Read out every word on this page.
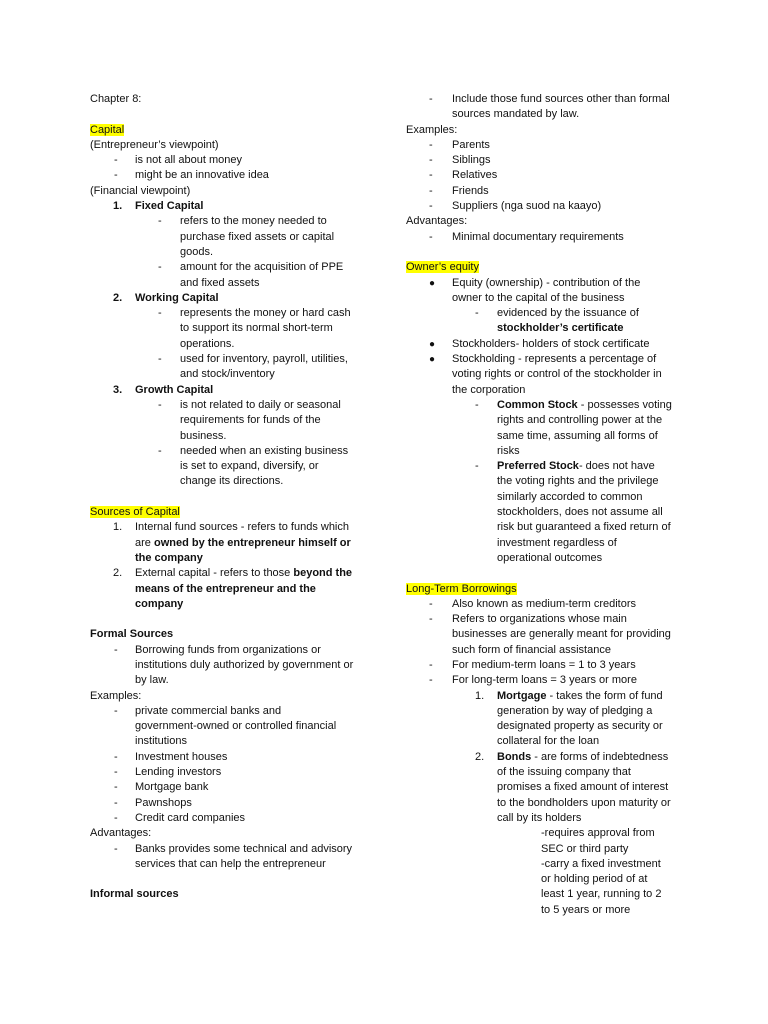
Chapter 8:
Capital
(Entrepreneur’s viewpoint)
is not all about money
-
might be an innovative idea
-
(Financial viewpoint)
1. Fixed Capital
refers to the money needed to
-
purchase fixed assets or capital
goods.
amount for the acquisition of PPE
-
and fixed assets
2. Working Capital
represents the money or hard cash
-
to support its normal short-term
operations.
used for inventory, payroll, utilities,
-
and stock/inventory
3. Growth Capital
is not related to daily or seasonal
-
requirements for funds of the
business.
needed when an existing business
-
is set to expand, diversify, or
change its directions.
Sources of Capital
1. Internal fund sources - refers to funds which
are owned by the entrepreneur himself or
the company
2. External capital - refers to those beyond the
means of the entrepreneur and the
company
Formal Sources
Borrowing funds from organizations or
-
institutions duly authorized by government or
by law.
Examples:
private commercial banks and
-
government-owned or controlled financial
institutions
Investment houses
-
Lending investors
-
Mortgage bank
-
Pawnshops
-
Credit card companies
-
Advantages:
Banks provides some technical and advisory
-
services that can help the entrepreneur
Informal sources
Include those fund sources other than formal
-
sources mandated by law.
Examples:
Parents
-
Siblings
-
Relatives
-
Friends
-
Suppliers (nga suod na kaayo)
-
Advantages:
Minimal documentary requirements
-
Owner’s equity
Equity (ownership) - contribution of the
●
owner to the capital of the business
evidenced by the issuance of
-
stockholder’s certificate
Stockholders- holders of stock certificate
●
Stockholding - represents a percentage of
●
voting rights or control of the stockholder in
the corporation
- Common Stock - possesses voting
rights and controlling power at the
same time, assuming all forms of
risks
- Preferred Stock- does not have
the voting rights and the privilege
similarly accorded to common
stockholders, does not assume all
risk but guaranteed a fixed return of
investment regardless of
operational outcomes
Long-Term Borrowings
Also known as medium-term creditors
-
Refers to organizations whose main
-
businesses are generally meant for providing
such form of financial assistance
For medium-term loans = 1 to 3 years
-
For long-term loans = 3 years or more
-
1. Mortgage - takes the form of fund
generation by way of pledging a
designated property as security or
collateral for the loan
2. Bonds - are forms of indebtedness
of the issuing company that
promises a fixed amount of interest
to the bondholders upon maturity or
call by its holders
-requires approval from
SEC or third party
-carry a fixed investment
or holding period of at
least 1 year, running to 2
to 5 years or more
